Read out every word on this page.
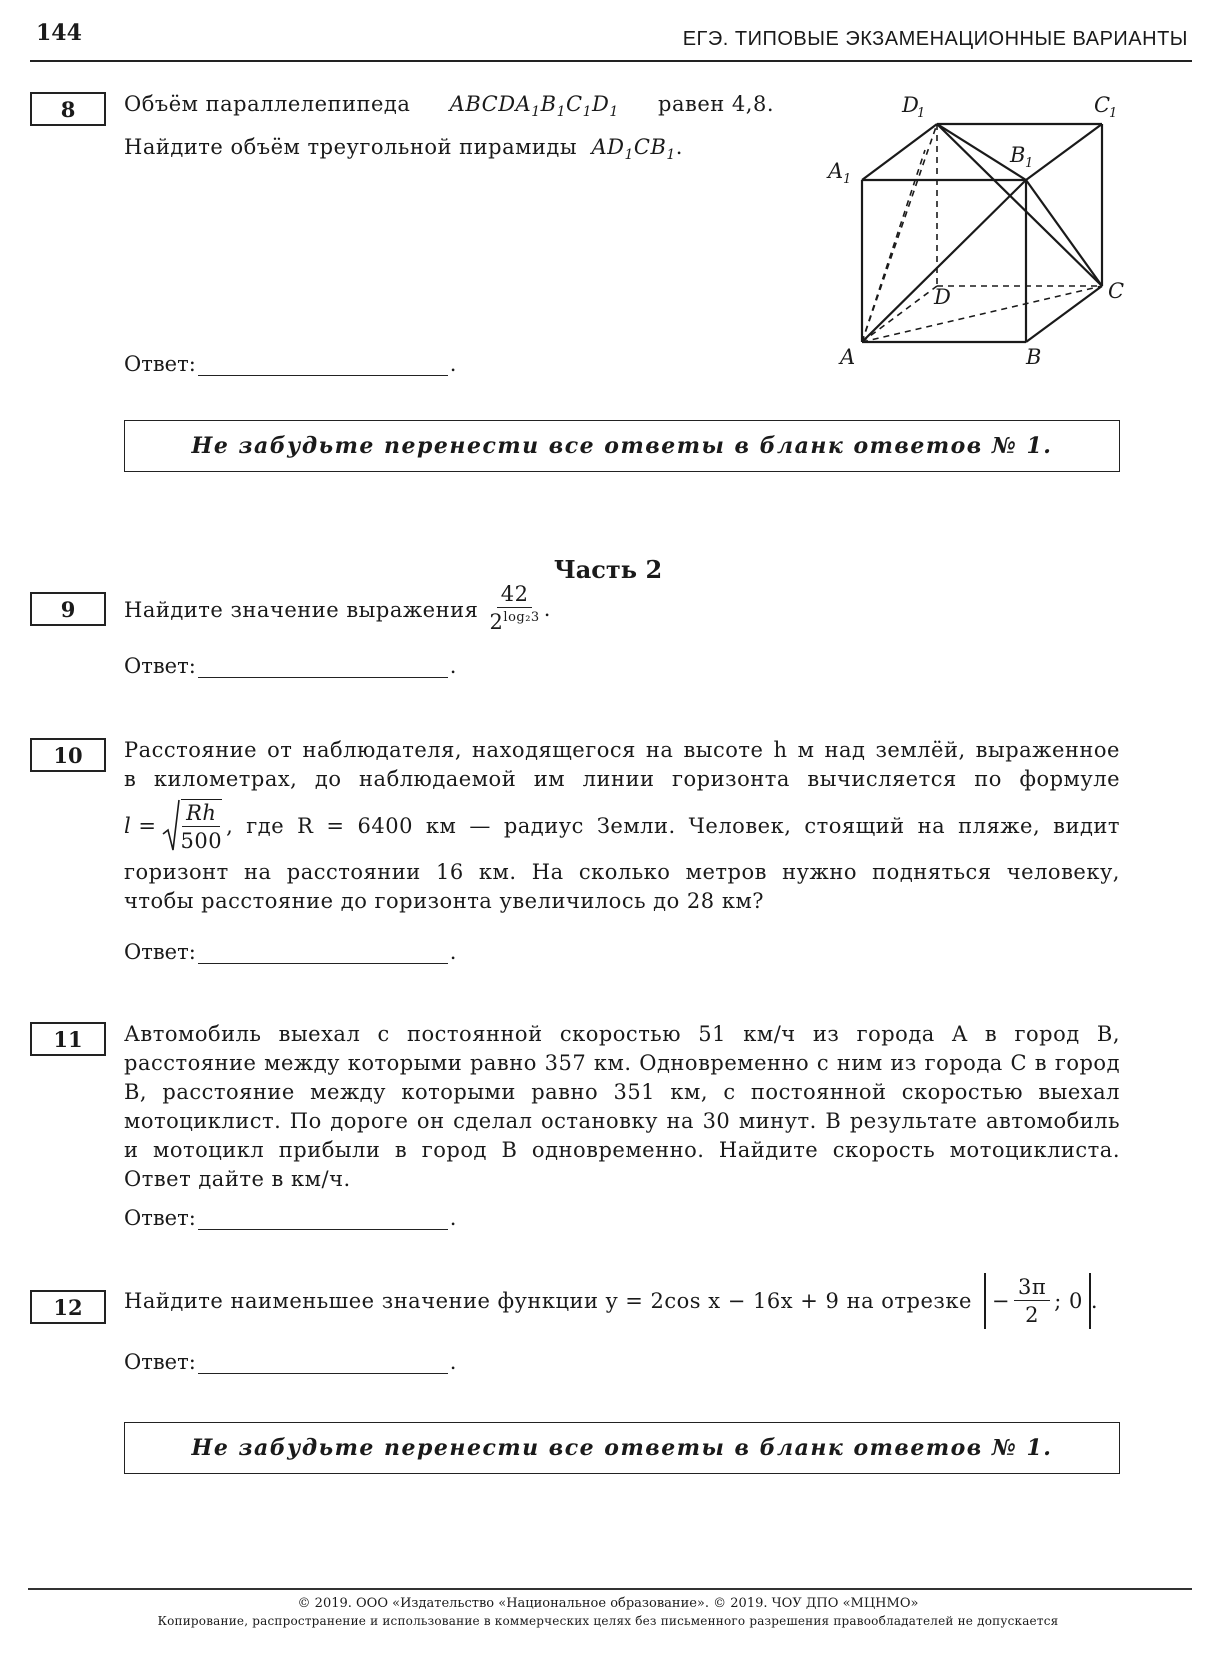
144	ЕГЭ. ТИПОВЫЕ ЭКЗАМЕНАЦИОННЫЕ ВАРИАНТЫ
8	Объём параллелепипеда $ABCDA_1B_1C_1D_1$ равен 4,8.
Найдите объём треугольной пирамиды  $AD_1CB_1$.
D
1	C
1
B 1
A 1
D	C
A	B
Ответ:	.
Не забудьте перенести все ответы в бланк ответов № 1.
Часть 2
9	Найдите значение выражения $\frac{42}{2^{log_23}}$ .
Ответ:	.
10	Расстояние от наблюдателя, находящегося на высоте h м над землёй, выраженное
в километрах, до наблюдаемой им линии горизонта вычисляется по формуле
$l = \frac{Rh}{500}$ , где R = 6400 км — радиус Земли. Человек, стоящий на пляже, видит
горизонт на расстоянии 16 км. На сколько метров нужно подняться человеку,
чтобы расстояние до горизонта увеличилось до 28 км?
Ответ:	.
11	Автомобиль выехал с постоянной скоростью 51 км/ч из города A в город B, расстояние между которыми равно 357 км. Одновременно с ним из города C в город B, расстояние между которыми равно 351 км, с постоянной скоростью выехал мотоциклист. По дороге он сделал остановку на 30 минут. В результате автомобиль и мотоцикл прибыли в город B одновременно. Найдите скорость мотоциклиста. Ответ дайте в км/ч.
Ответ:	.
12	Найдите наименьшее значение функции y = 2cos x − 16x + 9 на отрезке − $\frac{3\pi}{2}$ ; 0 .
Ответ:	.
Не забудьте перенести все ответы в бланк ответов № 1.
© 2019. ООО «Издательство «Национальное образование». © 2019. ЧОУ ДПО «МЦНМО»
Копирование, распространение и использование в коммерческих целях без письменного разрешения правообладателей не допускается
